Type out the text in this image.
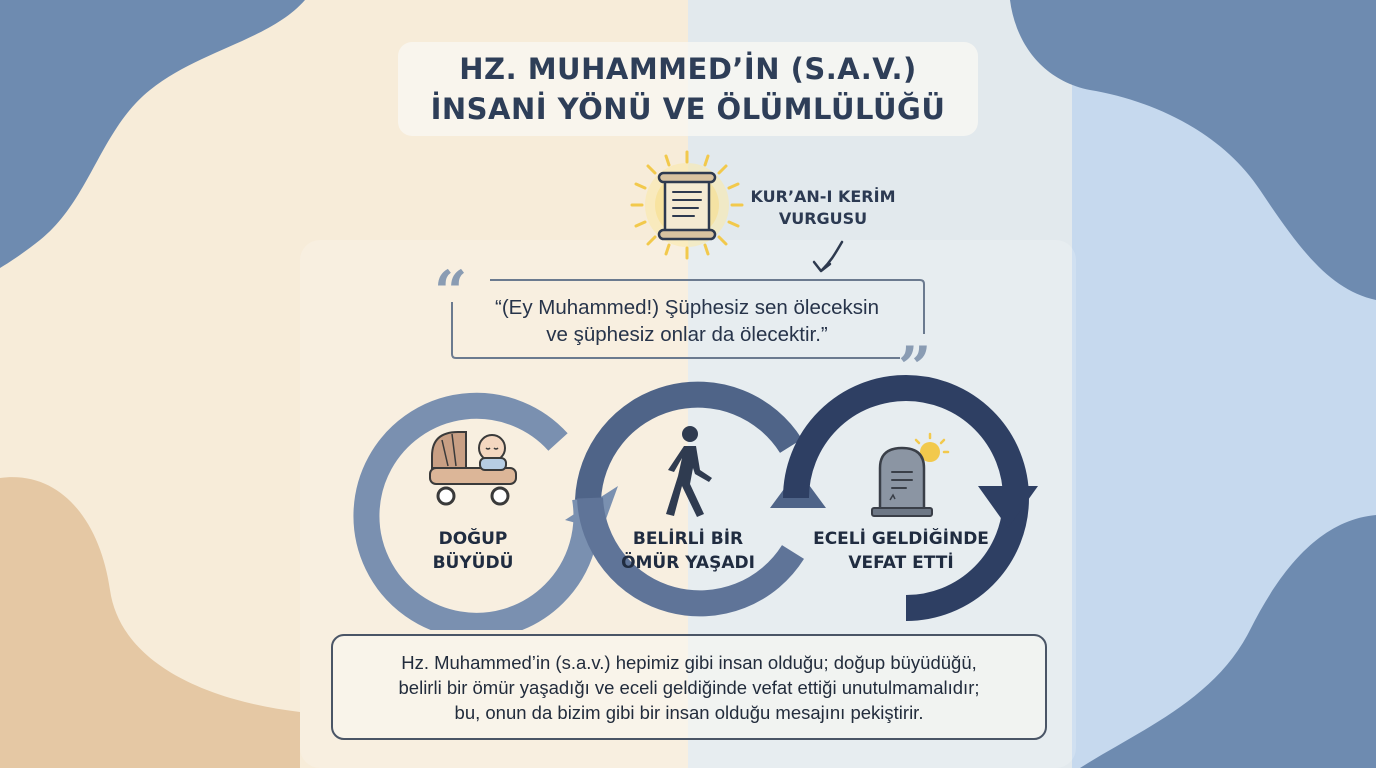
HZ. MUHAMMED’İN (S.A.V.)
İNSANİ YÖNÜ VE ÖLÜMLÜLÜĞÜ
KUR’AN-I KERİM
VURGUSU
“
”
“(Ey Muhammed!) Şüphesiz sen öleceksin
ve şüphesiz onlar da ölecektir.”
DOĞUP
BÜYÜDÜ
BELİRLİ BİR
ÖMÜR YAŞADI
ECELİ GELDİĞİNDE
VEFAT ETTİ
Hz. Muhammed’in (s.a.v.) hepimiz gibi insan olduğu; doğup büyüdüğü,
belirli bir ömür yaşadığı ve eceli geldiğinde vefat ettiği unutulmamalıdır;
bu, onun da bizim gibi bir insan olduğu mesajını pekiştirir.
